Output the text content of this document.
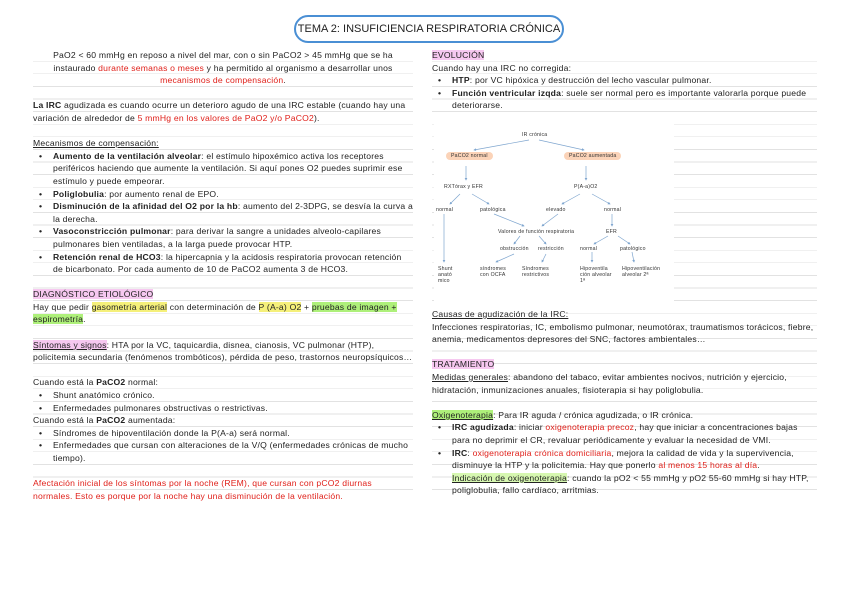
TEMA 2: INSUFICIENCIA RESPIRATORIA CRÓNICA

PaO2 < 60 mmHg en reposo a nivel del mar, con o sin PaCO2 > 45 mmHg que se ha instaurado durante semanas o meses y ha permitido al organismo a desarrollar unos mecanismos de compensación.

La IRC agudizada es cuando ocurre un deterioro agudo de una IRC estable (cuando hay una variación de alrededor de 5 mmHg en los valores de PaO2 y/o PaCO2).

Mecanismos de compensación:

• Aumento de la ventilación alveolar: el estímulo hipoxémico activa los receptores periféricos haciendo que aumente la ventilación. Si aquí pones O2 puedes suprimir ese estímulo y puede empeorar.
• Poliglobulia: por aumento renal de EPO.
• Disminución de la afinidad del O2 por la hb: aumento del 2-3DPG, se desvía la curva a la derecha.
• Vasoconstricción pulmonar: para derivar la sangre a unidades alveolo-capilares pulmonares bien ventiladas, a la larga puede provocar HTP.
• Retención renal de HCO3: la hipercapnia y la acidosis respiratoria provocan retención de bicarbonato. Por cada aumento de 10 de PaCO2 aumenta 3 de HCO3.

DIAGNÓSTICO ETIOLÓGICO

Hay que pedir gasometría arterial con determinación de P (A-a) O2 + pruebas de imagen + espirometría.

Síntomas y signos: HTA por la VC, taquicardia, disnea, cianosis, VC pulmonar (HTP), policitemia secundaria (fenómenos trombóticos), pérdida de peso, trastornos neuropsíquicos…

Cuando está la PaCO2 normal:

• Shunt anatómico crónico.
• Enfermedades pulmonares obstructivas o restrictivas.

Cuando está la PaCO2 aumentada:

• Síndromes de hipoventilación donde la P(A-a) será normal.
• Enfermedades que cursan con alteraciones de la V/Q (enfermedades crónicas de mucho tiempo).

Afectación inicial de los síntomas por la noche (REM), que cursan con pCO2 diurnas normales. Esto es porque por la noche hay una disminución de la ventilación.

EVOLUCIÓN

Cuando hay una IRC no corregida:

• HTP: por VC hipóxica y destrucción del lecho vascular pulmonar.
• Función ventricular izqda: suele ser normal pero es importante valorarla porque puede deteriorarse.
IR crónica
PaCO2 normal	PaCO2 aumentada
RXTórax y EFR	P(A-a)O2
normal	patológica	elevado	normal
Valores de función respiratoria	EFR
obstrucción restricción	normal	patológico
Shunt anató mico
síndromes con OCFA
Síndromes restrictivos
Hipoventila ción alveolar 1ª
Hipoventilación alveolar 2ª

Causas de agudización de la IRC:

Infecciones respiratorias, IC, embolismo pulmonar, neumotórax, traumatismos torácicos, fiebre, anemia, medicamentos depresores del SNC, factores ambientales…

TRATAMIENTO

Medidas generales: abandono del tabaco, evitar ambientes nocivos, nutrición y ejercicio, hidratación, inmunizaciones anuales, fisioterapia si hay poliglobulia.

Oxigenoterapia: Para IR aguda / crónica agudizada, o IR crónica.

• IRC agudizada: iniciar oxigenoterapia precoz, hay que iniciar a concentraciones bajas para no deprimir el CR, revaluar periódicamente y evaluar la necesidad de VMI.
• IRC: oxigenoterapia crónica domiciliaria, mejora la calidad de vida y la supervivencia, disminuye la HTP y la policitemia. Hay que ponerlo al menos 15 horas al día.

Indicación de oxigenoterapia: cuando la pO2 < 55 mmHg y pO2 55-60 mmHg si hay HTP, poliglobulia, fallo cardíaco, arritmias.
